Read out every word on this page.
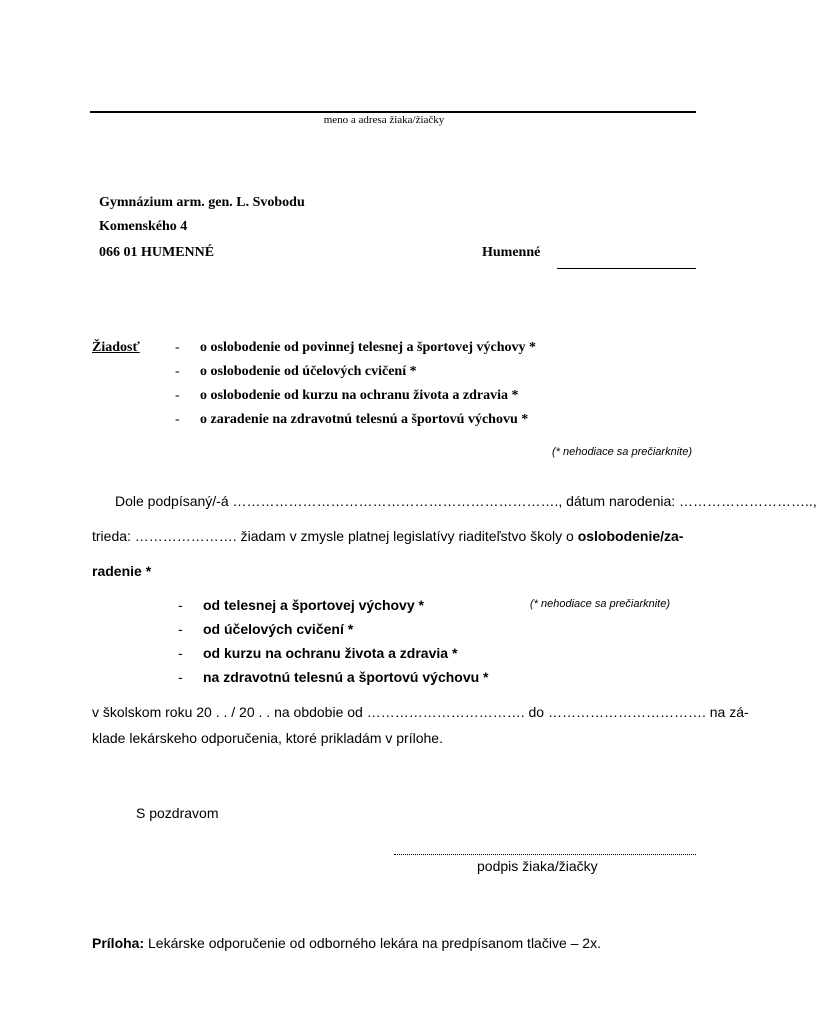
meno a adresa žiaka/žiačky
Gymnázium arm. gen. L. Svobodu
Komenského 4
066 01 HUMENNÉ	Humenné
Žiadosť	-	o oslobodenie od povinnej telesnej a športovej výchovy *
-	o oslobodenie od účelových cvičení *
-	o oslobodenie od kurzu na ochranu života a zdravia *
-	o zaradenie na zdravotnú telesnú a športovú výchovu *
(* nehodiace sa prečiarknite)
Dole podpísaný/-á ……………………………………………………………., dátum narodenia: ………………………..,
trieda: …………………. žiadam v zmysle platnej legislatívy riaditeľstvo školy o oslobodenie/za-
radenie *
-	od telesnej a športovej výchovy *	(* nehodiace sa prečiarknite)
-	od účelových cvičení *
-	od kurzu na ochranu života a zdravia *
-	na zdravotnú telesnú a športovú výchovu *
v školskom roku 20 . . / 20 . . na obdobie od ……………………………. do ……………………………. na zá-
klade lekárskeho odporučenia, ktoré prikladám v prílohe.
S pozdravom
podpis žiaka/žiačky
Príloha: Lekárske odporučenie od odborného lekára na predpísanom tlačive – 2x.
